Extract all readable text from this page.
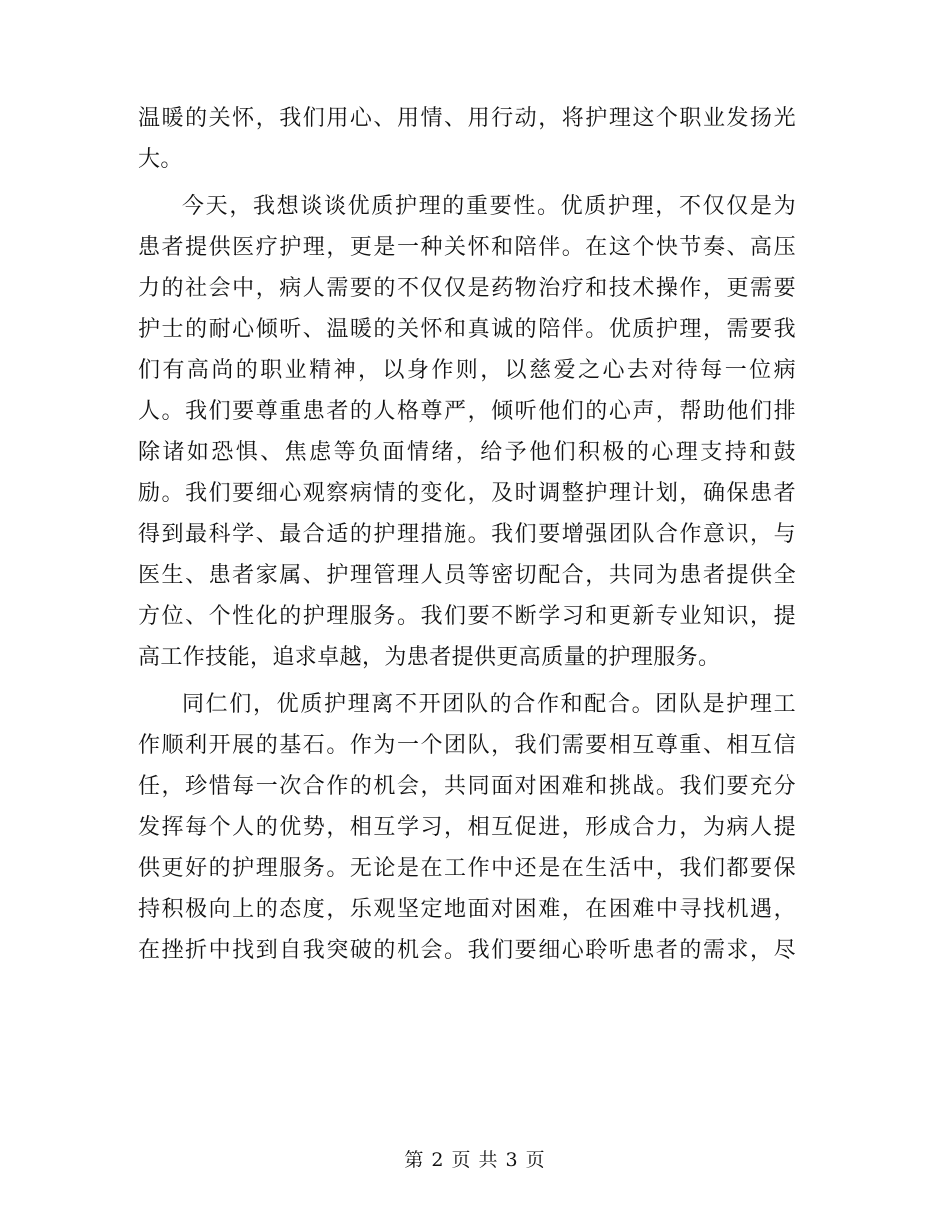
温暖的关怀，我们用心、用情、用行动，将护理这个职业发扬光
大。
今天，我想谈谈优质护理的重要性。优质护理，不仅仅是为
患者提供医疗护理，更是一种关怀和陪伴。在这个快节奏、高压
力的社会中，病人需要的不仅仅是药物治疗和技术操作，更需要
护士的耐心倾听、温暖的关怀和真诚的陪伴。优质护理，需要我
们有高尚的职业精神，以身作则，以慈爱之心去对待每一位病
人。我们要尊重患者的人格尊严，倾听他们的心声，帮助他们排
除诸如恐惧、焦虑等负面情绪，给予他们积极的心理支持和鼓
励。我们要细心观察病情的变化，及时调整护理计划，确保患者
得到最科学、最合适的护理措施。我们要增强团队合作意识，与
医生、患者家属、护理管理人员等密切配合，共同为患者提供全
方位、个性化的护理服务。我们要不断学习和更新专业知识，提
高工作技能，追求卓越，为患者提供更高质量的护理服务。
同仁们，优质护理离不开团队的合作和配合。团队是护理工
作顺利开展的基石。作为一个团队，我们需要相互尊重、相互信
任，珍惜每一次合作的机会，共同面对困难和挑战。我们要充分
发挥每个人的优势，相互学习，相互促进，形成合力，为病人提
供更好的护理服务。无论是在工作中还是在生活中，我们都要保
持积极向上的态度，乐观坚定地面对困难，在困难中寻找机遇，
在挫折中找到自我突破的机会。我们要细心聆听患者的需求，尽
第 2 页 共 3 页
